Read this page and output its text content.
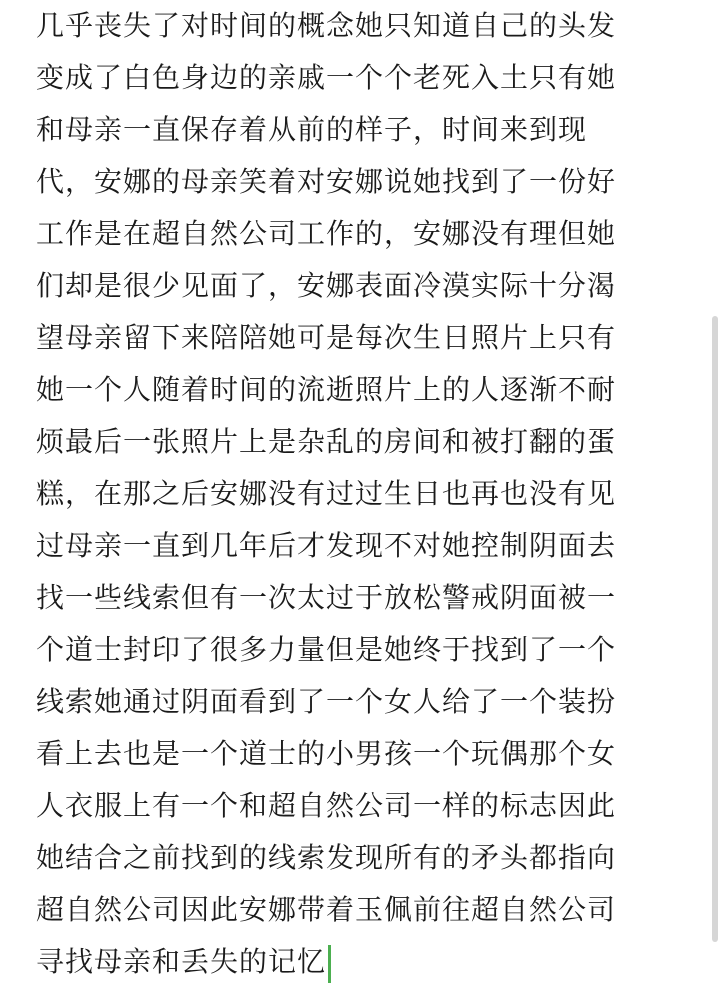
几乎丧失了对时间的概念她只知道自己的头发
变成了白色身边的亲戚一个个老死入土只有她
和母亲一直保存着从前的样子，时间来到现
代，安娜的母亲笑着对安娜说她找到了一份好
工作是在超自然公司工作的，安娜没有理但她
们却是很少见面了，安娜表面冷漠实际十分渴
望母亲留下来陪陪她可是每次生日照片上只有
她一个人随着时间的流逝照片上的人逐渐不耐
烦最后一张照片上是杂乱的房间和被打翻的蛋
糕，在那之后安娜没有过过生日也再也没有见
过母亲一直到几年后才发现不对她控制阴面去
找一些线索但有一次太过于放松警戒阴面被一
个道士封印了很多力量但是她终于找到了一个
线索她通过阴面看到了一个女人给了一个装扮
看上去也是一个道士的小男孩一个玩偶那个女
人衣服上有一个和超自然公司一样的标志因此
她结合之前找到的线索发现所有的矛头都指向
超自然公司因此安娜带着玉佩前往超自然公司
寻找母亲和丢失的记忆
